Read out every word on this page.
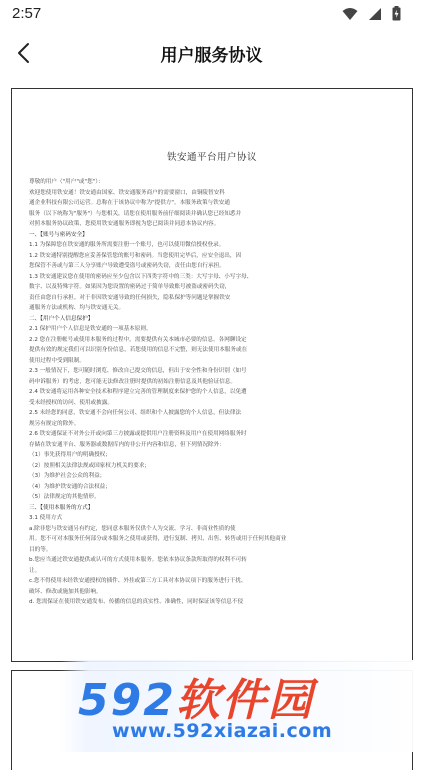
2:57
用户服务协议
铁安通平台用户协议
尊敬的用户（"用户"或"您"）：
欢迎您使用铁安通！铁安通由国家、铁安通服务商户的需要窗口，由铜陵智安科
通企业科技有限公司运营。总称在于该协议中称为"提供方"。本服务政策与铁安通
服务（以下统称为"服务"）与您相关，请您在使用服务前仔细阅读并确认您已经知悉并
对照本服务协议政策，您使用铁安通服务即视为您已阅读并同意本协议内容。
一、【账号与密码安全】
1.1 为保障您在铁安通的服务所需要注册一个账号，也可以使用微信授权登录。
1.2 铁安通特别提醒您应妥善保管您的账号和密码。当您使用完毕后，应安全退出，因
您保管不善或与第三人分享账户导致遭受盗号或密码失窃，责任由您自行承担。
1.3 铁安通建议您在使用的密码应至少包含以下四类字符中的三类：大写字母、小写字母、
数字、以及特殊字符。如果因为您设置的密码过于简单导致账号被盗或密码失窃，
责任由您自行承担。对于非因铁安通导致的任何损失，隐私保护等问题是掌握铁安
通服务方法或机构、均与铁安通无关。
二、【用户个人信息保护】
2.1 保护用户个人信息是铁安通的一项基本原则。
2.2 您在注册帐号或使用本服务的过程中，需要提供有关本城市必要的信息。各网聊设定
提供有效的规定我们可以识别身份信息，若您使用的信息不完整，则无法使用本服务或在
使用过程中受到限制。
2.3 一般情况下，您可随时浏览、修改自己提交的信息，但出于安全性和身份识别（如号
码申诉服务）的考虑，您可能无法修改注册时提供的初始注册信息及其他验证信息。
2.4 铁安通将运用各种安全技术和程序建立完善的管理制度来保护您的个人信息，以免遭
受未经授权的访问、使用或披露。
2.5 未经您的同意，铁安通不会向任何公司、组织和个人披露您的个人信息，但法律法
规另有规定的除外。
2.6 铁安通保证不对外公开或向第三方披露或提供用户注册资料及用户在使用网络服务时
存储在铁安通平台、服务器或数据库内的非公开内容和信息，但下列情况除外：
（1）事先获得用户的明确授权；
（2）按照相关法律法规或国家权力机关的要求；
（3）为维护社会公众的利益；
（4）为维护铁安通的合法权益；
（5）法律规定的其他情形。
三、【使用本服务的方式】
3.1 使用方式
a.除非您与铁安通另有约定，您同意本服务仅供个人为交流、学习、非商业性质的使
用。您不可对本服务任何部分或本服务之使用或获得，进行复制、拷贝、出售、转售或用于任何其他商业
目的等。
b.您应当通过铁安通提供或认可的方式使用本服务。您依本协议条款所取得的权利不可转
让。
c.您不得使用未经铁安通授权的插件、外挂或第三方工具对本协议项下的服务进行干扰、
破坏、修改或施加其他影响。
d. 您需保证在使用铁安通发布、传播的信息的真实性、准确性，同时保证该等信息不侵
592软件园
www.592xiazai.com
